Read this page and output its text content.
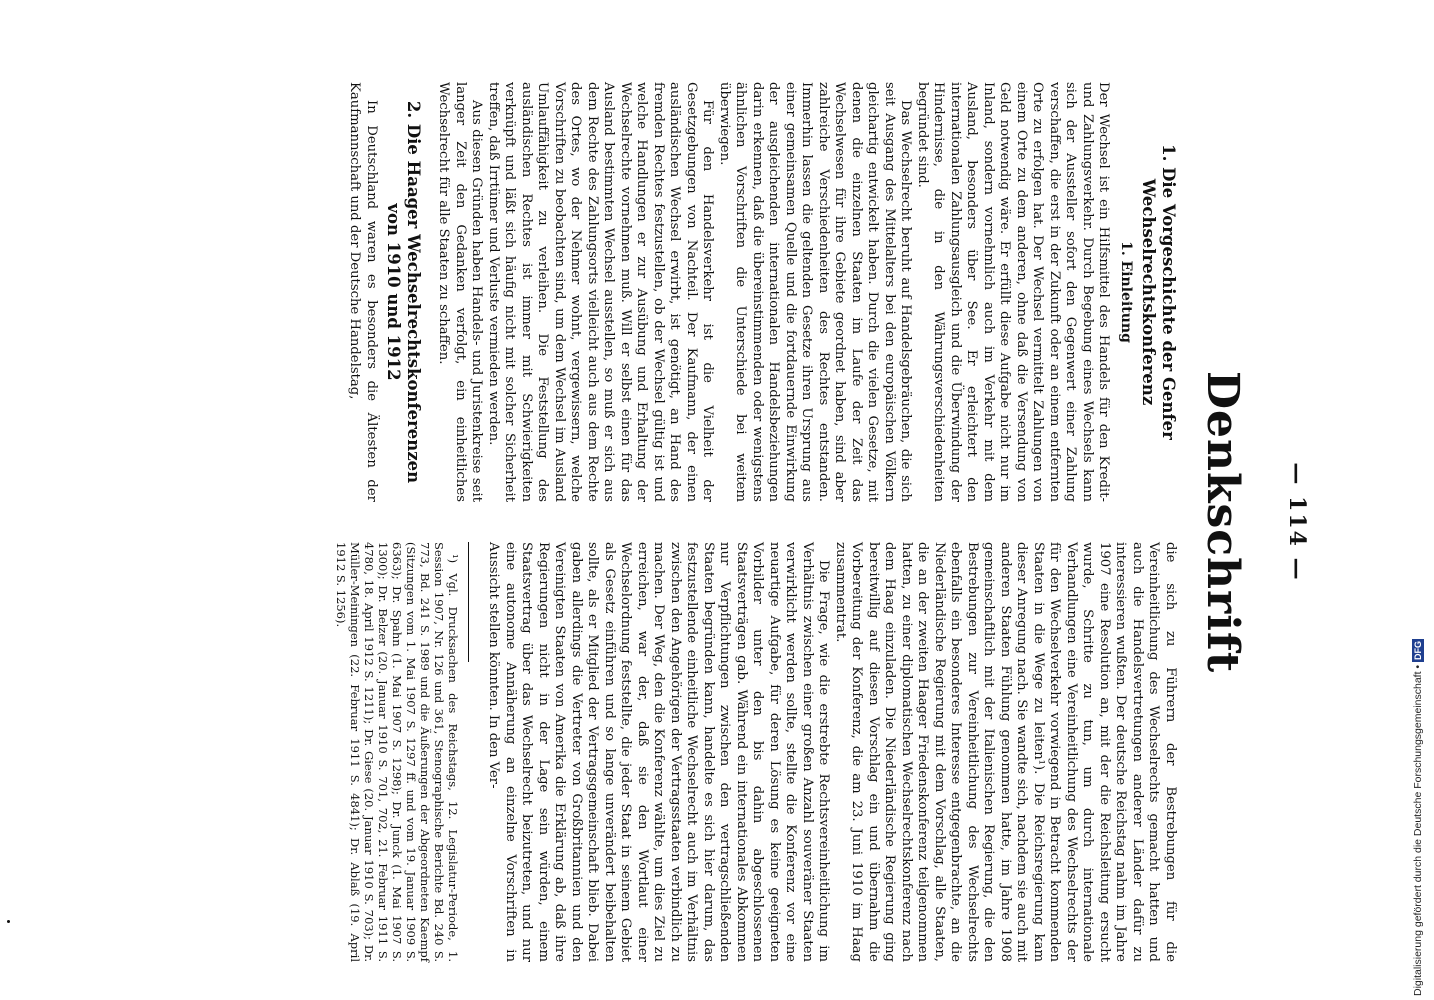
— 114 —
Denkschrift
1. Die Vorgeschichte der Genfer Wechselrechtskonferenz
1. Einleitung

Der Wechsel ist ein Hilfsmittel des Handels für den Kredit- und Zahlungsverkehr. Durch Begebung eines Wechsels kann sich der Aussteller sofort den Gegenwert einer Zahlung verschaffen, die erst in der Zukunft oder an einem entfernten Orte zu erfolgen hat. Der Wechsel vermittelt Zahlungen von einem Orte zu dem anderen, ohne daß die Versendung von Geld notwendig wäre. Er erfüllt diese Aufgabe nicht nur im Inland, sondern vornehmlich auch im Verkehr mit dem Ausland, besonders über See. Er erleichtert den internationalen Zahlungsausgleich und die Überwindung der Hindernisse, die in den Währungsverschiedenheiten begründet sind.

Das Wechselrecht beruht auf Handelsgebräuchen, die sich seit Ausgang des Mittelalters bei den europäischen Völkern gleichartig entwickelt haben. Durch die vielen Gesetze, mit denen die einzelnen Staaten im Laufe der Zeit das Wechselwesen für ihre Gebiete geordnet haben, sind aber zahlreiche Verschiedenheiten des Rechtes entstanden. Immerhin lassen die geltenden Gesetze ihren Ursprung aus einer gemeinsamen Quelle und die fortdauernde Einwirkung der ausgleichenden internationalen Handelsbeziehungen darin erkennen, daß die übereinstimmenden oder wenigstens ähnlichen Vorschriften die Unterschiede bei weitem überwiegen.

Für den Handelsverkehr ist die Vielheit der Gesetzgebungen von Nachteil. Der Kaufmann, der einen ausländischen Wechsel erwirbt, ist genötigt, an Hand des fremden Rechtes festzustellen, ob der Wechsel gültig ist und welche Handlungen er zur Ausübung und Erhaltung der Wechselrechte vornehmen muß. Will er selbst einen für das Ausland bestimmten Wechsel ausstellen, so muß er sich aus dem Rechte des Zahlungsorts vielleicht auch aus dem Rechte des Ortes, wo der Nehmer wohnt, vergewissern, welche Vorschriften zu beobachten sind, um dem Wechsel im Ausland Umlauffähigkeit zu verleihen. Die Feststellung des ausländischen Rechtes ist immer mit Schwierigkeiten verknüpft und läßt sich häufig nicht mit solcher Sicherheit treffen, daß Irrtümer und Verluste vermieden werden.

Aus diesen Gründen haben Handels- und Juristenkreise seit langer Zeit den Gedanken verfolgt, ein einheitliches Wechselrecht für alle Staaten zu schaffen.

2. Die Haager Wechselrechtskonferenzen von 1910 und 1912

In Deutschland waren es besonders die Ältesten der Kaufmannschaft und der Deutsche Handelstag,

die sich zu Führern der Bestrebungen für die Vereinheitlichung des Wechselrechts gemacht hatten und auch die Handelsvertretungen anderer Länder dafür zu interessieren wußten. Der deutsche Reichstag nahm im Jahre 1907 eine Resolution an, mit der die Reichsleitung ersucht wurde, Schritte zu tun, um durch internationale Verhandlungen eine Vereinheitlichung des Wechselrechts der für den Wechselverkehr vorwiegend in Betracht kommenden Staaten in die Wege zu leiten¹). Die Reichsregierung kam dieser Anregung nach. Sie wandte sich, nachdem sie auch mit anderen Staaten Fühlung genommen hatte, im Jahre 1908 gemeinschaftlich mit der Italienischen Regierung, die den Bestrebungen zur Vereinheitlichung des Wechselrechts ebenfalls ein besonderes Interesse entgegenbrachte, an die Niederländische Regierung mit dem Vorschlag, alle Staaten, die an der zweiten Haager Friedenskonferenz teilgenommen hatten, zu einer diplomatischen Wechselrechtskonferenz nach dem Haag einzuladen. Die Niederländische Regierung ging bereitwillig auf diesen Vorschlag ein und übernahm die Vorbereitung der Konferenz, die am 23. Juni 1910 im Haag zusammentrat.

Die Frage, wie die erstrebte Rechtsvereinheitlichung im Verhältnis zwischen einer großen Anzahl souveräner Staaten verwirklicht werden sollte, stellte die Konferenz vor eine neuartige Aufgabe, für deren Lösung es keine geeigneten Vorbilder unter den bis dahin abgeschlossenen Staatsverträgen gab. Während ein internationales Abkommen nur Verpflichtungen zwischen den vertragschließenden Staaten begründen kann, handelte es sich hier darum, das festzustellende einheitliche Wechselrecht auch im Verhältnis zwischen den Angehörigen der Vertragsstaaten verbindlich zu machen. Der Weg, den die Konferenz wählte, um dies Ziel zu erreichen, war der, daß sie den Wortlaut einer Wechselordnung feststellte, die jeder Staat in seinem Gebiet als Gesetz einführen und so lange unverändert beibehalten sollte, als er Mitglied der Vertragsgemeinschaft blieb. Dabei gaben allerdings die Vertreter von Großbritannien und den Vereinigten Staaten von Amerika die Erklärung ab, daß ihre Regierungen nicht in der Lage sein würden, einem Staatsvertrag über das Wechselrecht beizutreten, und nur eine autonome Annäherung an einzelne Vorschriften in Aussicht stellen könnten. In den Ver-

¹) Vgl. Drucksachen des Reichstags, 12. Legislatur-Periode, 1. Session 1907, Nr. 126 und 361, Stenographische Berichte Bd. 240 S. 773, Bd. 241 S. 1989 und die Äußerungen der Abgeordneten Kaempf (Sitzungen vom 1. Mai 1907 S. 1297 ff. und vom 19. Januar 1909 S. 6363); Dr. Spahn (1. Mai 1907 S. 1298); Dr. Junck (1. Mai 1907 S. 1300); Dr. Belzer (20. Januar 1910 S. 701, 702, 21. Februar 1911 S. 4780, 18. April 1912 S. 1211); Dr. Giese (20. Januar 1910 S. 703); Dr. Müller-Meiningen (22. Februar 1911 S. 4841); Dr. Ablaß (19. April 1912 S. 1256).

Digitalisierung gefördert durch die Deutsche Forschungsgemeinschaft • DFG
